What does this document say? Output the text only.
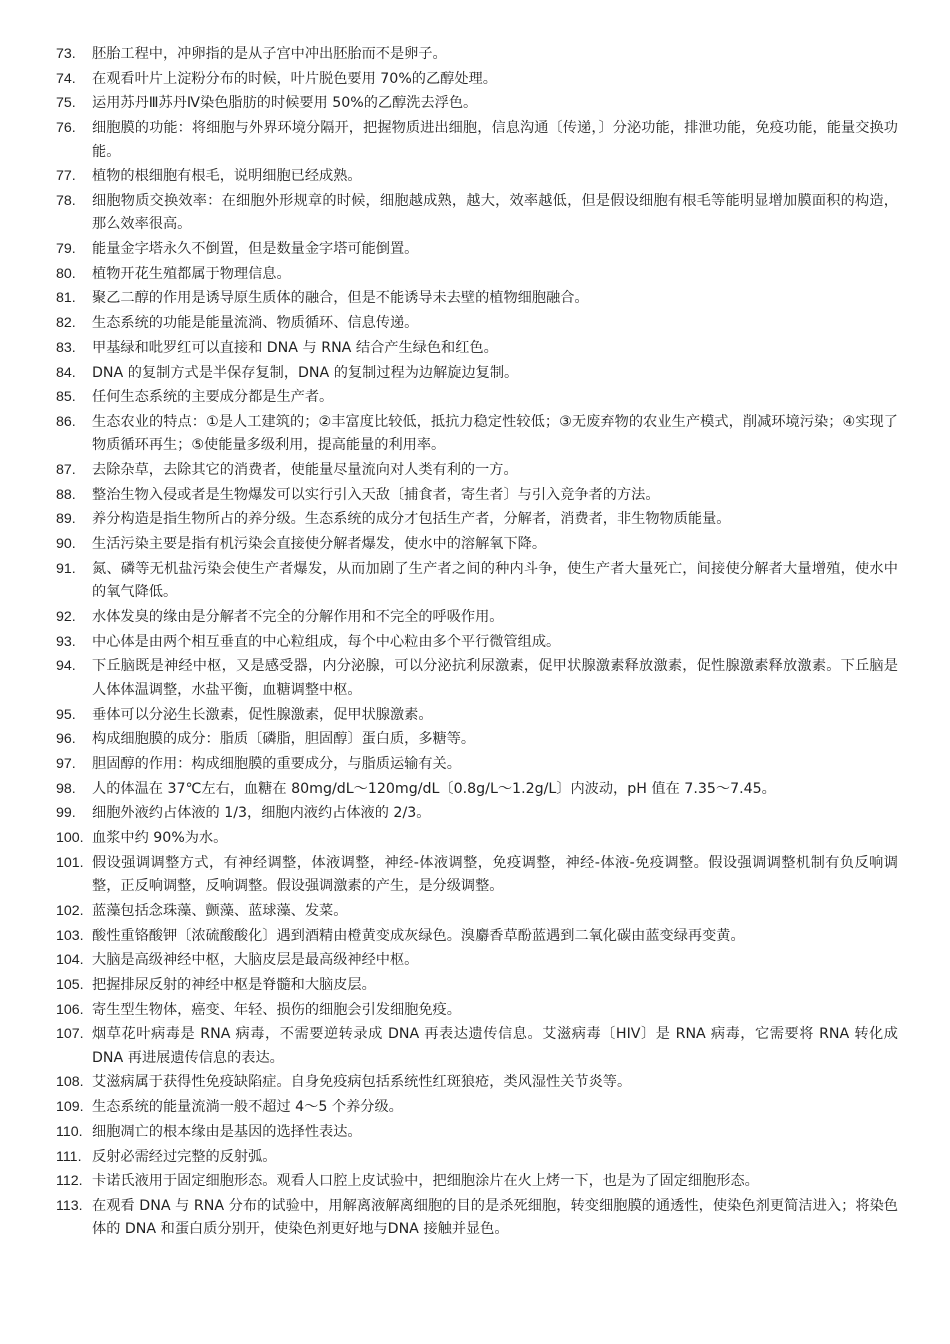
73.	胚胎工程中，冲卵指的是从子宫中冲出胚胎而不是卵子。
74.	在观看叶片上淀粉分布的时候，叶片脱色要用 70%的乙醇处理。
75.	运用苏丹Ⅲ苏丹Ⅳ染色脂肪的时候要用 50%的乙醇洗去浮色。
76.	细胞膜的功能：将细胞与外界环境分隔开，把握物质进出细胞，信息沟通〔传递，〕分泌功能，排泄功能，免疫功能，能量交换功能。
77.	植物的根细胞有根毛，说明细胞已经成熟。
78.	细胞物质交换效率：在细胞外形规章的时候，细胞越成熟，越大，效率越低，但是假设细胞有根毛等能明显增加膜面积的构造，那么效率很高。
79.	能量金字塔永久不倒置，但是数量金字塔可能倒置。
80.	植物开花生殖都属于物理信息。
81.	聚乙二醇的作用是诱导原生质体的融合，但是不能诱导未去壁的植物细胞融合。
82.	生态系统的功能是能量流淌、物质循环、信息传递。
83.	甲基绿和吡罗红可以直接和 DNA 与 RNA 结合产生绿色和红色。
84.	DNA 的复制方式是半保存复制，DNA 的复制过程为边解旋边复制。
85.	任何生态系统的主要成分都是生产者。
86.	生态农业的特点：①是人工建筑的；②丰富度比较低，抵抗力稳定性较低；③无废弃物的农业生产模式，削减环境污染；④实现了物质循环再生；⑤使能量多级利用，提高能量的利用率。
87.	去除杂草，去除其它的消费者，使能量尽量流向对人类有利的一方。
88.	整治生物入侵或者是生物爆发可以实行引入天敌〔捕食者，寄生者〕与引入竞争者的方法。
89.	养分构造是指生物所占的养分级。生态系统的成分才包括生产者，分解者，消费者，非生物物质能量。
90.	生活污染主要是指有机污染会直接使分解者爆发，使水中的溶解氧下降。
91.	氮、磷等无机盐污染会使生产者爆发，从而加剧了生产者之间的种内斗争，使生产者大量死亡，间接使分解者大量增殖，使水中的氧气降低。
92.	水体发臭的缘由是分解者不完全的分解作用和不完全的呼吸作用。
93.	中心体是由两个相互垂直的中心粒组成，每个中心粒由多个平行微管组成。
94.	下丘脑既是神经中枢，又是感受器，内分泌腺，可以分泌抗利尿激素，促甲状腺激素释放激素，促性腺激素释放激素。下丘脑是人体体温调整，水盐平衡，血糖调整中枢。
95.	垂体可以分泌生长激素，促性腺激素，促甲状腺激素。
96.	构成细胞膜的成分：脂质〔磷脂，胆固醇〕蛋白质，多糖等。
97.	胆固醇的作用：构成细胞膜的重要成分，与脂质运输有关。
98.	人的体温在 37℃左右，血糖在 80mg/dL～120mg/dL〔0.8g/L～1.2g/L〕内波动，pH 值在 7.35～7.45。
99.	细胞外液约占体液的 1/3，细胞内液约占体液的 2/3。
100. 血浆中约 90%为水。
101. 假设强调调整方式，有神经调整，体液调整，神经-体液调整，免疫调整，神经-体液-免疫调整。假设强调调整机制有负反响调整，正反响调整，反响调整。假设强调激素的产生，是分级调整。
102. 蓝藻包括念珠藻、颤藻、蓝球藻、发菜。
103. 酸性重铬酸钾〔浓硫酸酸化〕遇到酒精由橙黄变成灰绿色。溴麝香草酚蓝遇到二氧化碳由蓝变绿再变黄。
104. 大脑是高级神经中枢，大脑皮层是最高级神经中枢。
105. 把握排尿反射的神经中枢是脊髓和大脑皮层。
106. 寄生型生物体，癌变、年轻、损伤的细胞会引发细胞免疫。
107. 烟草花叶病毒是 RNA 病毒，不需要逆转录成 DNA 再表达遗传信息。艾滋病毒〔HIV〕是 RNA 病毒，它需要将 RNA 转化成 DNA 再进展遗传信息的表达。
108. 艾滋病属于获得性免疫缺陷症。自身免疫病包括系统性红斑狼疮，类风湿性关节炎等。
109. 生态系统的能量流淌一般不超过 4～5 个养分级。
110. 细胞凋亡的根本缘由是基因的选择性表达。
111. 反射必需经过完整的反射弧。
112. 卡诺氏液用于固定细胞形态。观看人口腔上皮试验中，把细胞涂片在火上烤一下，也是为了固定细胞形态。
113. 在观看 DNA 与 RNA 分布的试验中，用解离液解离细胞的目的是杀死细胞，转变细胞膜的通透性，使染色剂更简洁进入；将染色体的 DNA 和蛋白质分别开，使染色剂更好地与DNA 接触并显色。
